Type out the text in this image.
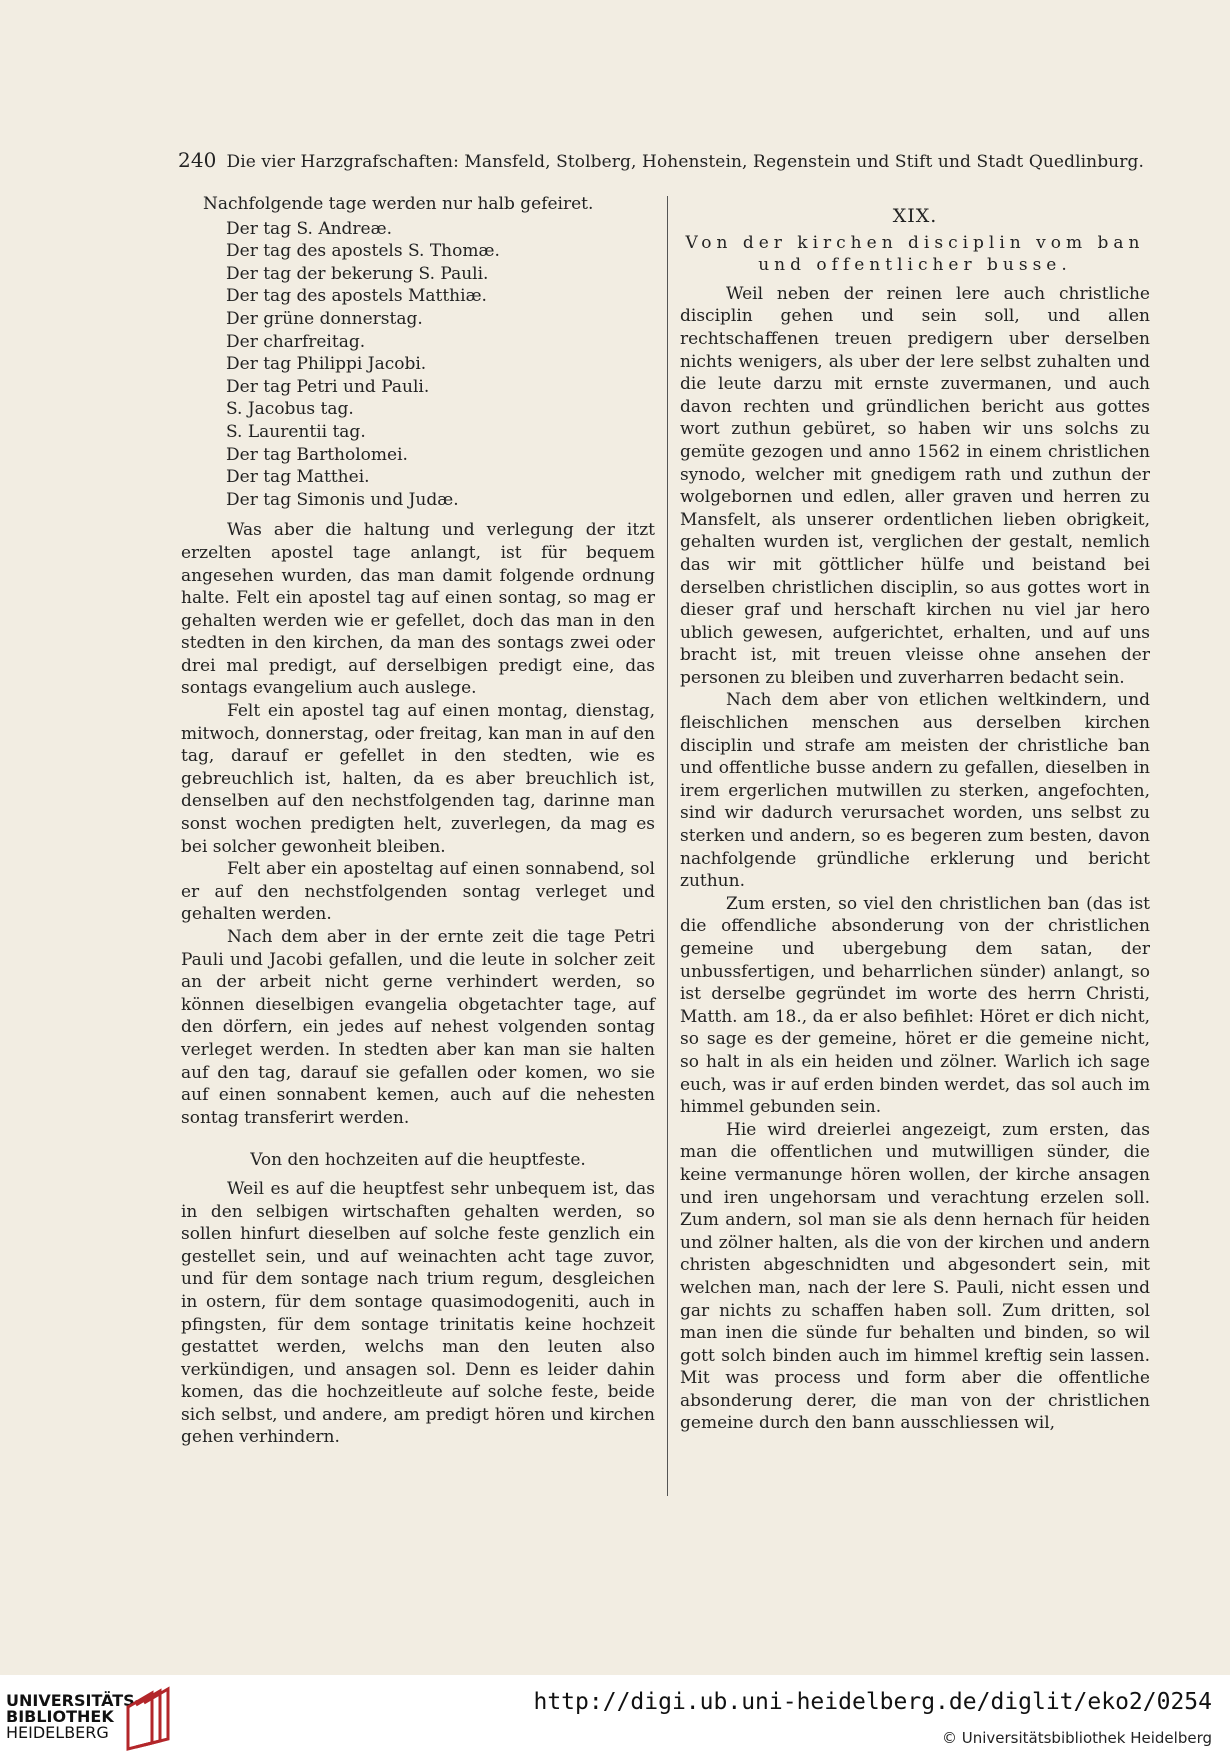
240 Die vier Harzgrafschaften: Mansfeld, Stolberg, Hohenstein, Regenstein und Stift und Stadt Quedlinburg.

Nachfolgende tage werden nur halb gefeiret.

Der tag S. Andreæ.
Der tag des apostels S. Thomæ.
Der tag der bekerung S. Pauli.
Der tag des apostels Matthiæ.
Der grüne donnerstag.
Der charfreitag.
Der tag Philippi Jacobi.
Der tag Petri und Pauli.
S. Jacobus tag.
S. Laurentii tag.
Der tag Bartholomei.
Der tag Matthei.
Der tag Simonis und Judæ.

Was aber die haltung und verlegung der itzt erzelten apostel tage anlangt, ist für bequem angesehen wurden, das man damit folgende ordnung halte. Felt ein apostel tag auf einen sontag, so mag er gehalten werden wie er gefellet, doch das man in den stedten in den kirchen, da man des sontags zwei oder drei mal predigt, auf derselbigen predigt eine, das sontags evangelium auch auslege.

Felt ein apostel tag auf einen montag, dienstag, mitwoch, donnerstag, oder freitag, kan man in auf den tag, darauf er gefellet in den stedten, wie es gebreuchlich ist, halten, da es aber breuchlich ist, denselben auf den nechstfolgenden tag, darinne man sonst wochen predigten helt, zuverlegen, da mag es bei solcher gewonheit bleiben.

Felt aber ein aposteltag auf einen sonnabend, sol er auf den nechstfolgenden sontag verleget und gehalten werden.

Nach dem aber in der ernte zeit die tage Petri Pauli und Jacobi gefallen, und die leute in solcher zeit an der arbeit nicht gerne verhindert werden, so können dieselbigen evangelia obgetachter tage, auf den dörfern, ein jedes auf nehest volgenden sontag verleget werden. In stedten aber kan man sie halten auf den tag, darauf sie gefallen oder komen, wo sie auf einen sonnabent kemen, auch auf die nehesten sontag transferirt werden.

Von den hochzeiten auf die heuptfeste.

Weil es auf die heuptfest sehr unbequem ist, das in den selbigen wirtschaften gehalten werden, so sollen hinfurt dieselben auf solche feste genzlich ein gestellet sein, und auf weinachten acht tage zuvor, und für dem sontage nach trium regum, desgleichen in ostern, für dem sontage quasimodogeniti, auch in pfingsten, für dem sontage trinitatis keine hochzeit gestattet werden, welchs man den leuten also verkündigen, und ansagen sol. Denn es leider dahin komen, das die hochzeitleute auf solche feste, beide sich selbst, und andere, am predigt hören und kirchen gehen verhindern.

XIX.

Von der kirchen disciplin vom ban und offentlicher busse.

Weil neben der reinen lere auch christliche disciplin gehen und sein soll, und allen rechtschaffenen treuen predigern uber derselben nichts wenigers, als uber der lere selbst zuhalten und die leute darzu mit ernste zuvermanen, und auch davon rechten und gründlichen bericht aus gottes wort zuthun gebüret, so haben wir uns solchs zu gemüte gezogen und anno 1562 in einem christlichen synodo, welcher mit gnedigem rath und zuthun der wolgebornen und edlen, aller graven und herren zu Mansfelt, als unserer ordentlichen lieben obrigkeit, gehalten wurden ist, verglichen der gestalt, nemlich das wir mit göttlicher hülfe und beistand bei derselben christlichen disciplin, so aus gottes wort in dieser graf und herschaft kirchen nu viel jar hero ublich gewesen, aufgerichtet, erhalten, und auf uns bracht ist, mit treuen vleisse ohne ansehen der personen zu bleiben und zuverharren bedacht sein.

Nach dem aber von etlichen weltkindern, und fleischlichen menschen aus derselben kirchen disciplin und strafe am meisten der christliche ban und offentliche busse andern zu gefallen, dieselben in irem ergerlichen mutwillen zu sterken, angefochten, sind wir dadurch verursachet worden, uns selbst zu sterken und andern, so es begeren zum besten, davon nachfolgende gründliche erklerung und bericht zuthun.

Zum ersten, so viel den christlichen ban (das ist die offendliche absonderung von der christlichen gemeine und ubergebung dem satan, der unbussfertigen, und beharrlichen sünder) anlangt, so ist derselbe gegründet im worte des herrn Christi, Matth. am 18., da er also befihlet: Höret er dich nicht, so sage es der gemeine, höret er die gemeine nicht, so halt in als ein heiden und zölner. Warlich ich sage euch, was ir auf erden binden werdet, das sol auch im himmel gebunden sein.

Hie wird dreierlei angezeigt, zum ersten, das man die offentlichen und mutwilligen sünder, die keine vermanunge hören wollen, der kirche ansagen und iren ungehorsam und verachtung erzelen soll. Zum andern, sol man sie als denn hernach für heiden und zölner halten, als die von der kirchen und andern christen abgeschnidten und abgesondert sein, mit welchen man, nach der lere S. Pauli, nicht essen und gar nichts zu schaffen haben soll. Zum dritten, sol man inen die sünde fur behalten und binden, so wil gott solch binden auch im himmel kreftig sein lassen. Mit was process und form aber die offentliche absonderung derer, die man von der christlichen gemeine durch den bann ausschliessen wil,

UNIVERSITÄTS-
BIBLIOTHEK
HEIDELBERG
http://digi.ub.uni-heidelberg.de/diglit/eko2/0254
© Universitätsbibliothek Heidelberg
